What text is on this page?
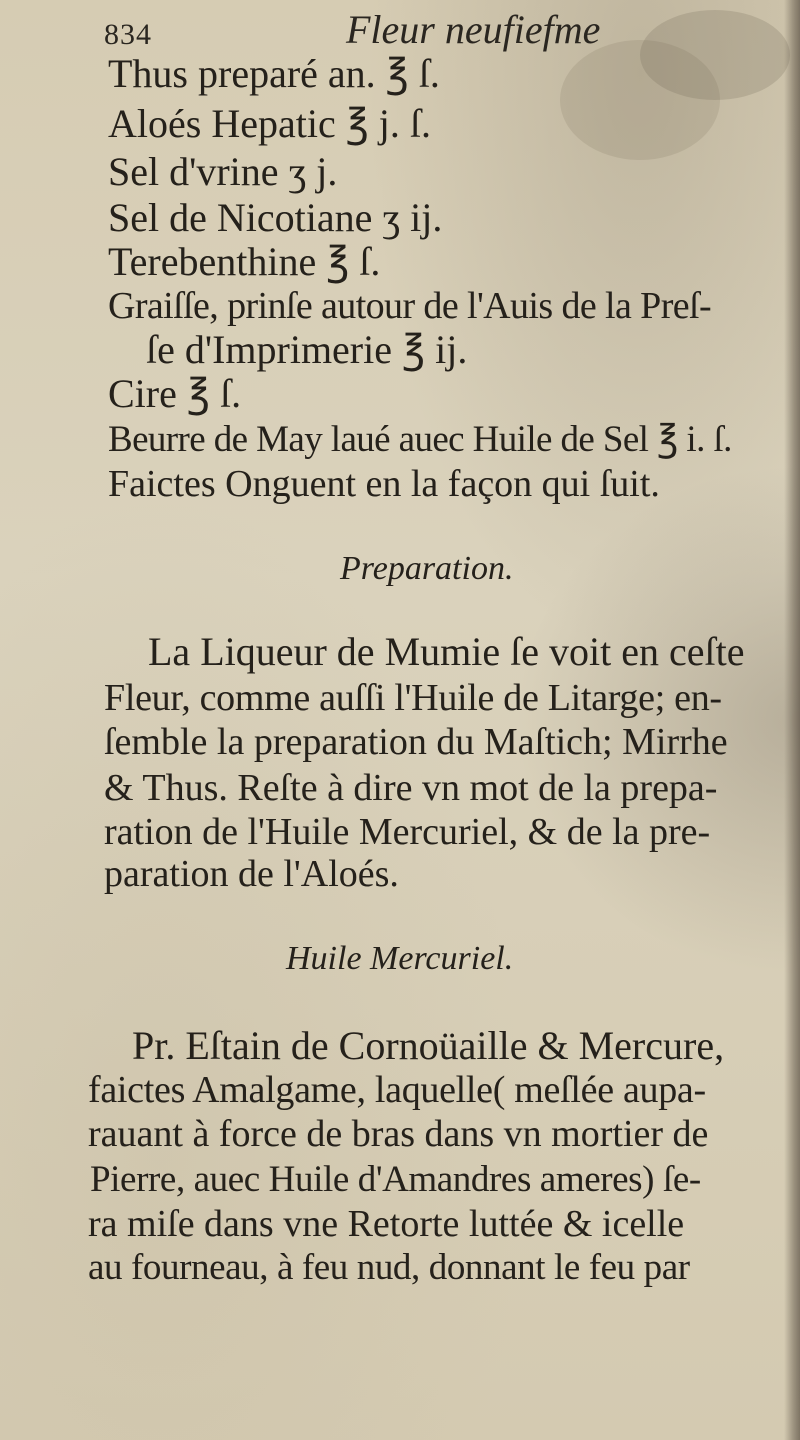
834	Fleur neufiefme
Thus preparé an. ℥ ſ.
Aloés Hepatic ℥ j. ſ.
Sel d'vrine ʒ j.
Sel de Nicotiane ʒ ij.
Terebenthine ℥ ſ.
Graiſſe, prinſe autour de l'Auis de la Preſ-
ſe d'Imprimerie ℥ ij.
Cire ℥ ſ.
Beurre de May laué auec Huile de Sel ℥ i. ſ.
Faictes Onguent en la façon qui ſuit.
Preparation.
La Liqueur de Mumie ſe voit en ceſte
Fleur, comme auſſi l'Huile de Litarge; en-
ſemble la preparation du Maſtich; Mirrhe
& Thus. Reſte à dire vn mot de la prepa-
ration de l'Huile Mercuriel, & de la pre-
paration de l'Aloés.
Huile Mercuriel.
Pr. Eſtain de Cornoüaille & Mercure,
faictes Amalgame, laquelle( meſlée aupa-
rauant à force de bras dans vn mortier de
Pierre, auec Huile d'Amandres ameres) ſe-
ra miſe dans vne Retorte luttée & icelle
au fourneau, à feu nud, donnant le feu par
